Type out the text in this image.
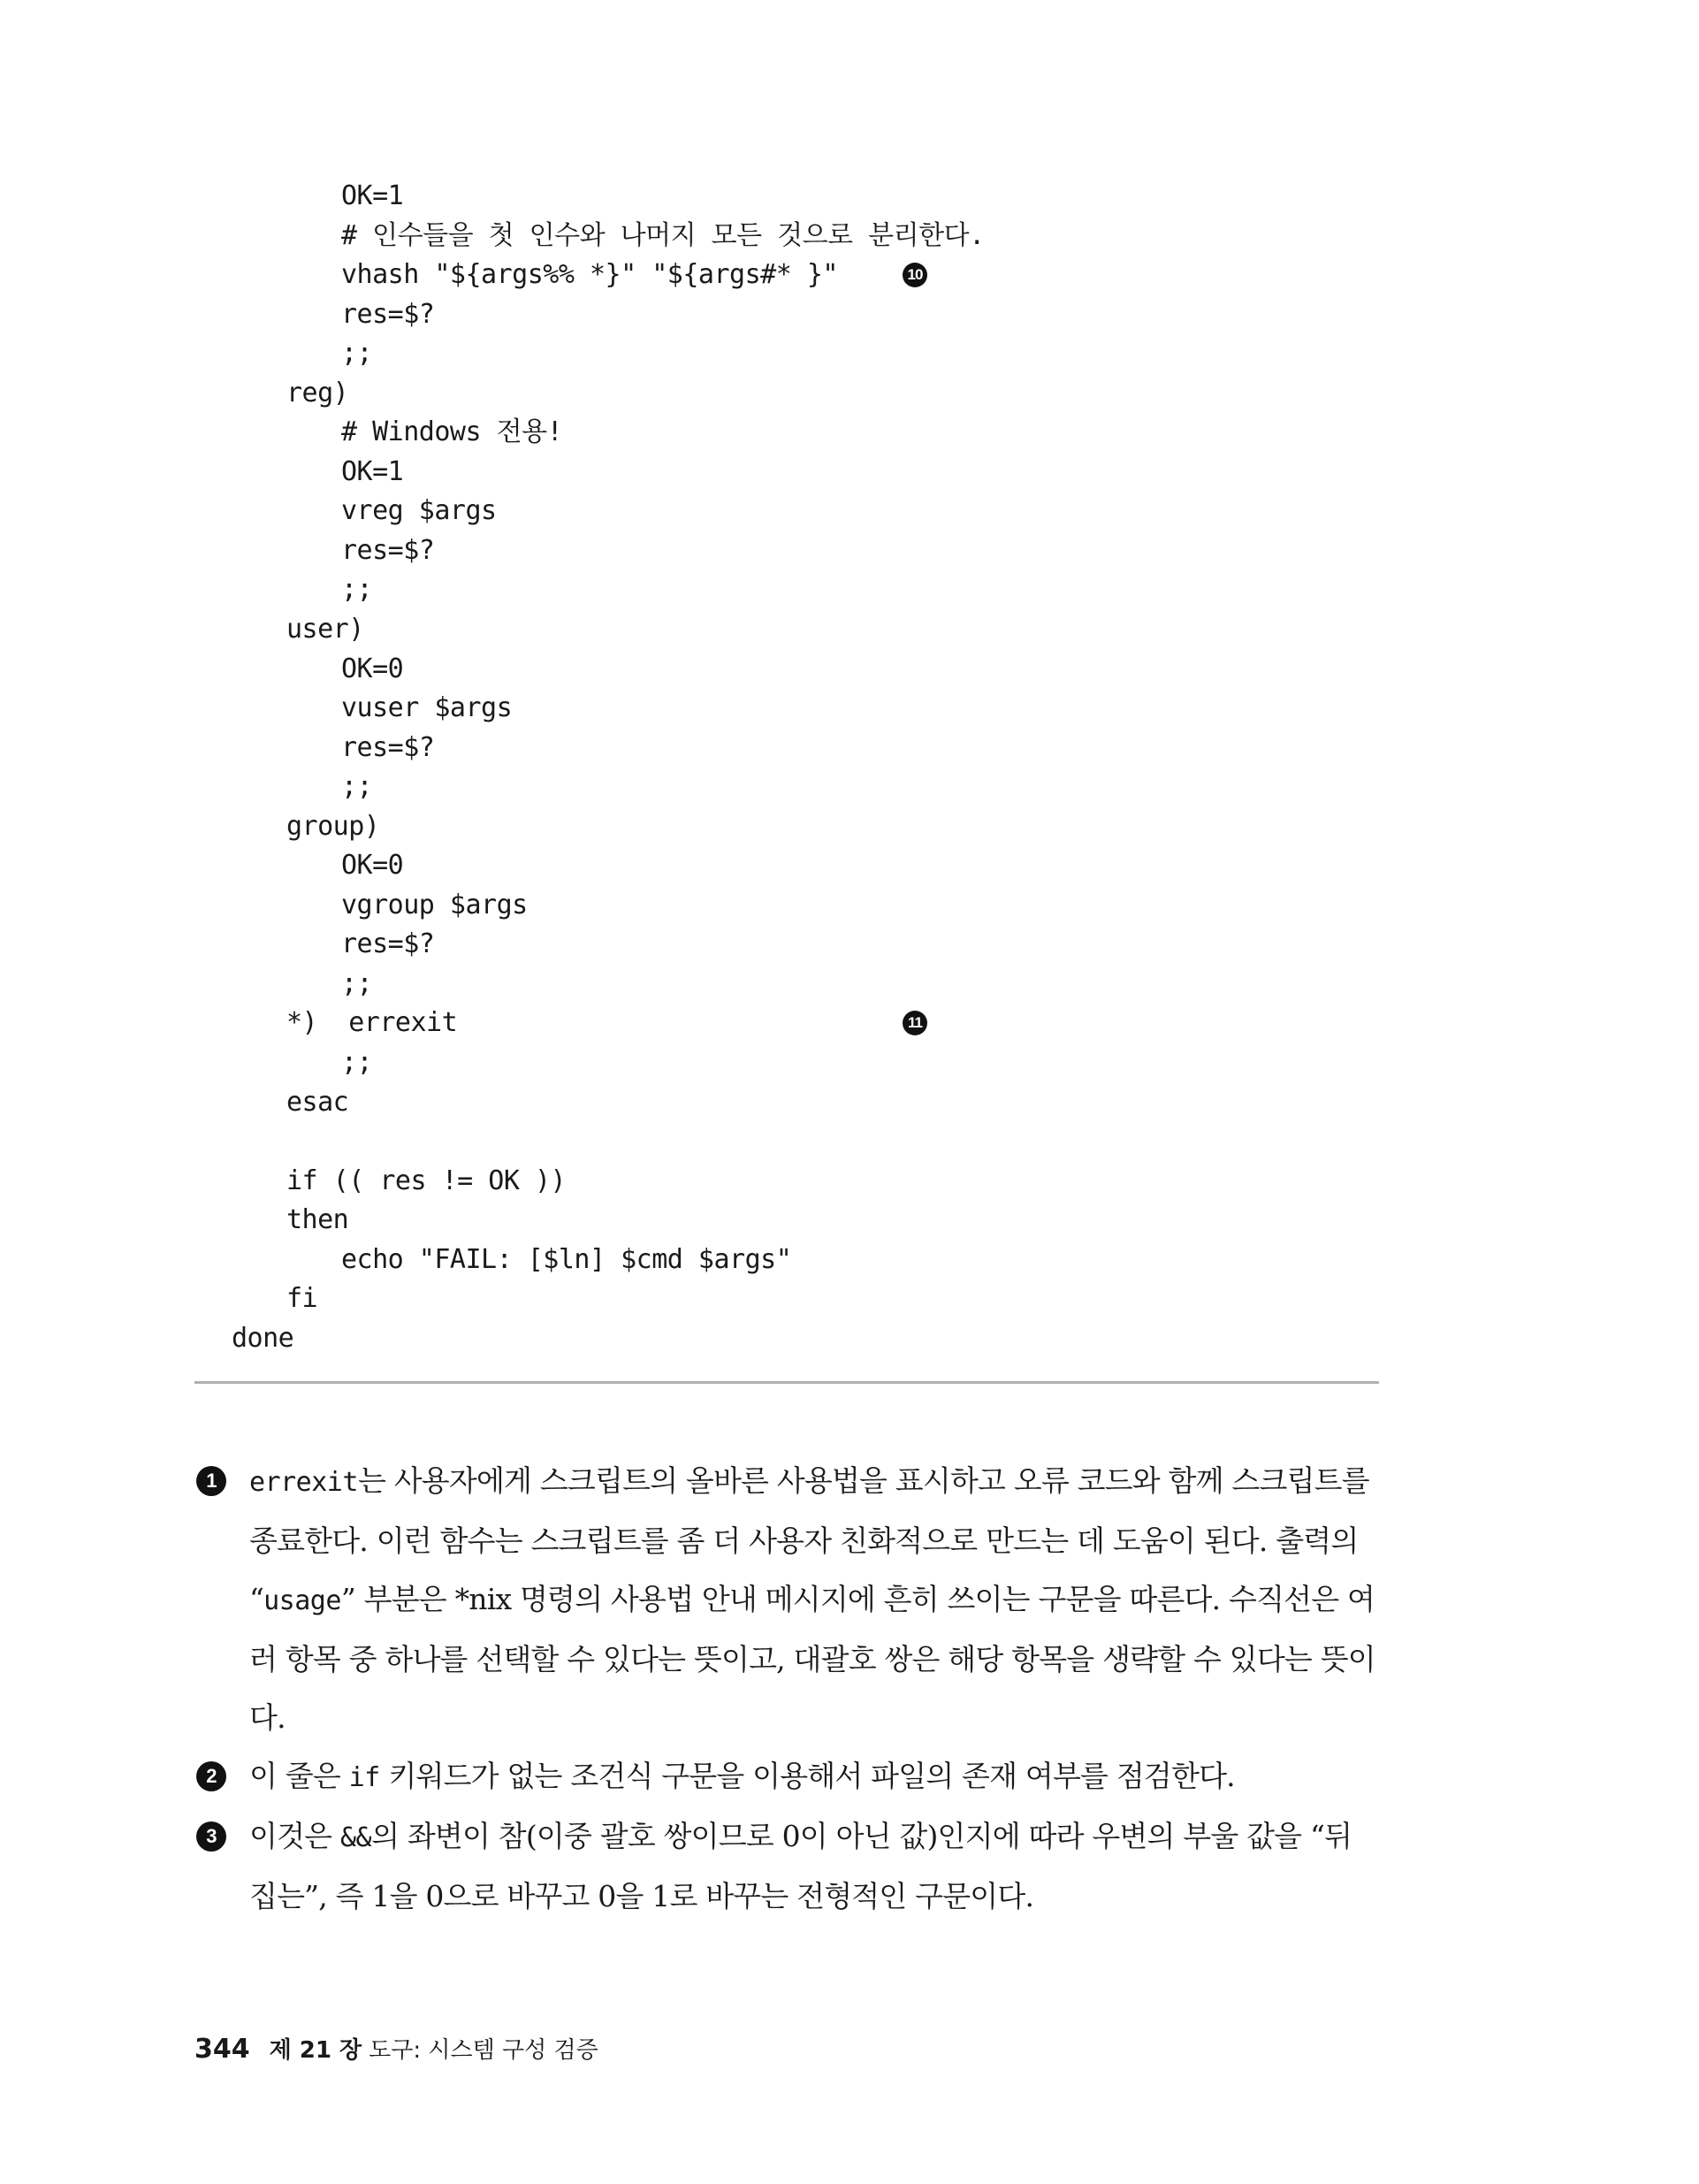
OK=1
# 인수들을 첫 인수와 나머지 모든 것으로 분리한다.
vhash "${args%% *}" "${args#* }"	10
res=$?
;;
reg)
# Windows 전용!
OK=1
vreg $args
res=$?
;;
user)
OK=0
vuser $args
res=$?
;;
group)
OK=0
vgroup $args
res=$?
;;
*)  errexit	11
;;
esac
if (( res != OK ))
then
echo "FAIL: [$ln] $cmd $args"
fi
done
1	errexit는 사용자에게 스크립트의 올바른 사용법을 표시하고 오류 코드와 함께 스크립트를 종료한다. 이런 함수는 스크립트를 좀 더 사용자 친화적으로 만드는 데 도움이 된다. 출력의 “usage” 부분은 *nix 명령의 사용법 안내 메시지에 흔히 쓰이는 구문을 따른다. 수직선은 여러 항목 중 하나를 선택할 수 있다는 뜻이고, 대괄호 쌍은 해당 항목을 생략할 수 있다는 뜻이다.
2	이 줄은 if 키워드가 없는 조건식 구문을 이용해서 파일의 존재 여부를 점검한다.
3	이것은 &&의 좌변이 참(이중 괄호 쌍이므로 0이 아닌 값)인지에 따라 우변의 부울 값을 “뒤집는”, 즉 1을 0으로 바꾸고 0을 1로 바꾸는 전형적인 구문이다.
344 제 21 장 도구: 시스템 구성 검증
